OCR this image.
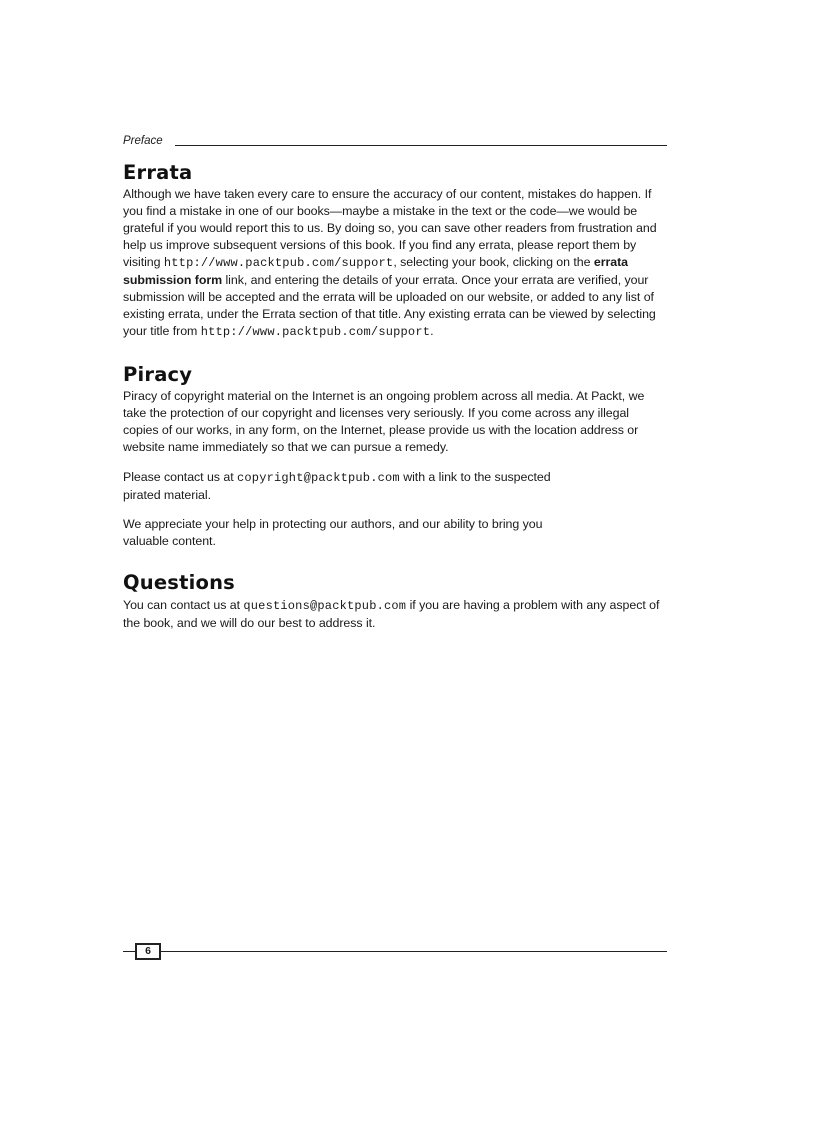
Preface
Errata

Although we have taken every care to ensure the accuracy of our content, mistakes do happen. If you find a mistake in one of our books—maybe a mistake in the text or the code—we would be grateful if you would report this to us. By doing so, you can save other readers from frustration and help us improve subsequent versions of this book. If you find any errata, please report them by visiting http://www.packtpub.com/support, selecting your book, clicking on the errata submission form link, and entering the details of your errata. Once your errata are verified, your submission will be accepted and the errata will be uploaded on our website, or added to any list of existing errata, under the Errata section of that title. Any existing errata can be viewed by selecting your title from http://www.packtpub.com/support.

Piracy

Piracy of copyright material on the Internet is an ongoing problem across all media. At Packt, we take the protection of our copyright and licenses very seriously. If you come across any illegal copies of our works, in any form, on the Internet, please provide us with the location address or website name immediately so that we can pursue a remedy.

Please contact us at copyright@packtpub.com with a link to the suspected
pirated material.

We appreciate your help in protecting our authors, and our ability to bring you
valuable content.

Questions

You can contact us at questions@packtpub.com if you are having a problem with any aspect of the book, and we will do our best to address it.

6
